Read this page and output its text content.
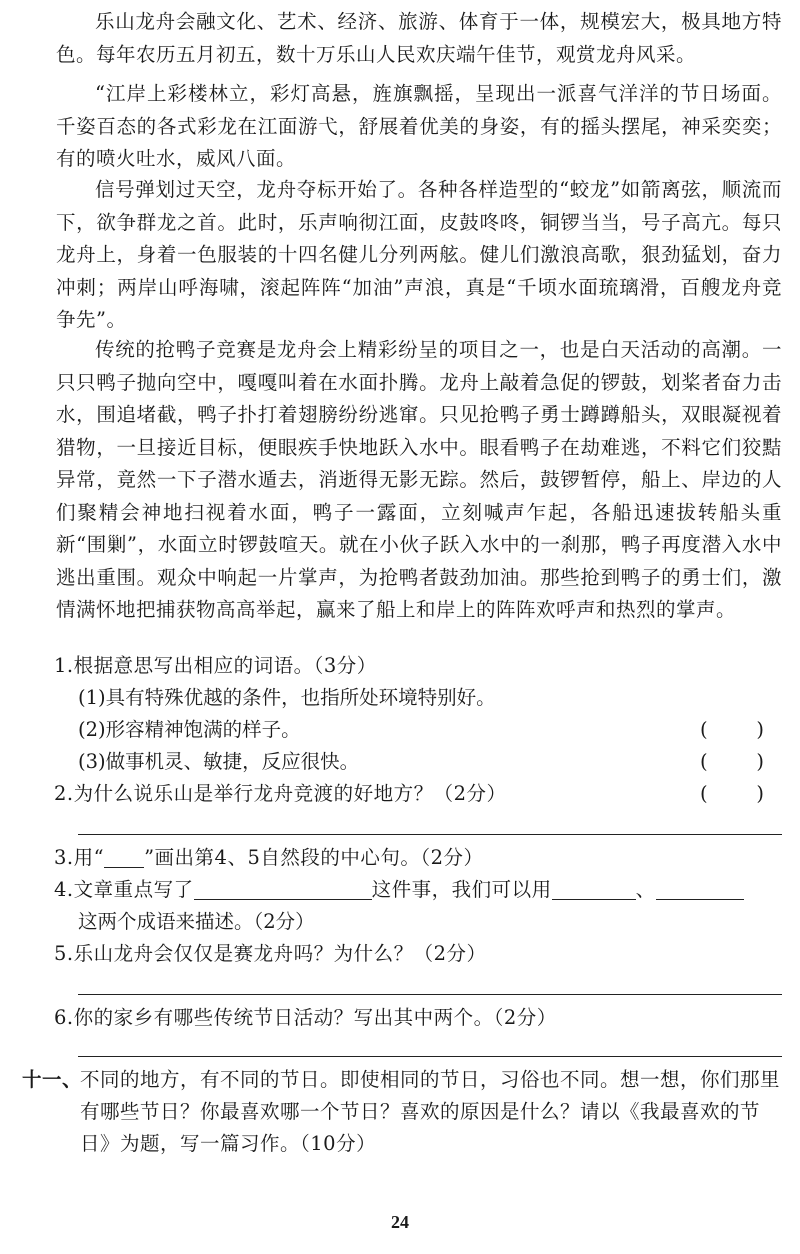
乐山龙舟会融文化、艺术、经济、旅游、体育于一体，规模宏大，极具地方特色。每年农历五月初五，数十万乐山人民欢庆端午佳节，观赏龙舟风采。

“江岸上彩楼林立，彩灯高悬，旌旗飘摇，呈现出一派喜气洋洋的节日场面。千姿百态的各式彩龙在江面游弋，舒展着优美的身姿，有的摇头摆尾，神采奕奕；有的喷火吐水，威风八面。

信号弹划过天空，龙舟夺标开始了。各种各样造型的“蛟龙”如箭离弦，顺流而下，欲争群龙之首。此时，乐声响彻江面，皮鼓咚咚，铜锣当当，号子高亢。每只龙舟上，身着一色服装的十四名健儿分列两舷。健儿们激浪高歌，狠劲猛划，奋力冲刺；两岸山呼海啸，滚起阵阵“加油”声浪，真是“千顷水面琉璃滑，百艘龙舟竞争先”。

传统的抢鸭子竞赛是龙舟会上精彩纷呈的项目之一，也是白天活动的高潮。一只只鸭子抛向空中，嘎嘎叫着在水面扑腾。龙舟上敲着急促的锣鼓，划桨者奋力击水，围追堵截，鸭子扑打着翅膀纷纷逃窜。只见抢鸭子勇士蹲蹲船头，双眼凝视着猎物，一旦接近目标，便眼疾手快地跃入水中。眼看鸭子在劫难逃，不料它们狡黠异常，竟然一下子潜水遁去，消逝得无影无踪。然后，鼓锣暂停，船上、岸边的人们聚精会神地扫视着水面，鸭子一露面，立刻喊声乍起，各船迅速拔转船头重新“围剿”，水面立时锣鼓喧天。就在小伙子跃入水中的一刹那，鸭子再度潜入水中逃出重围。观众中响起一片掌声，为抢鸭者鼓劲加油。那些抢到鸭子的勇士们，激情满怀地把捕获物高高举起，赢来了船上和岸上的阵阵欢呼声和热烈的掌声。

1.根据意思写出相应的词语。（3分）
(1)具有特殊优越的条件，也指所处环境特别好。
(	)
(2)形容精神饱满的样子。
(	)
(3)做事机灵、敏捷，反应很快。
(	)
2.为什么说乐山是举行龙舟竞渡的好地方？（2分）
3.用“ ”画出第4、5自然段的中心句。（2分）
4.文章重点写了	这件事，我们可以用	、
这两个成语来描述。（2分）
5.乐山龙舟会仅仅是赛龙舟吗？为什么？（2分）
6.你的家乡有哪些传统节日活动？写出其中两个。（2分）
十一、
不同的地方，有不同的节日。即使相同的节日，习俗也不同。想一想，你们那里有哪些节日？你最喜欢哪一个节日？喜欢的原因是什么？请以《我最喜欢的节日》为题，写一篇习作。（10分）
24
